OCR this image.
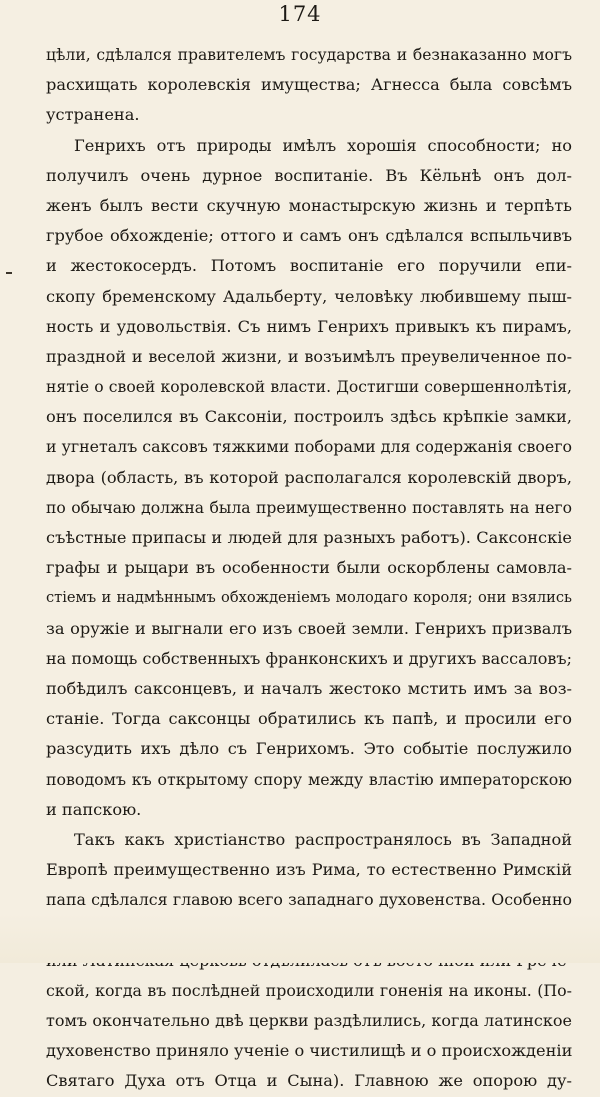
174
цѣли, сдѣлался правителемъ государства и безнаказанно могъ
расхищать королевскія имущества; Агнесса была совсѣмъ
устранена.
Генрихъ отъ природы имѣлъ хорошія способности; но
получилъ очень дурное воспитаніе. Въ Кёльнѣ онъ дол-
женъ былъ вести скучную монастырскую жизнь и терпѣть
грубое обхожденіе; оттого и самъ онъ сдѣлался вспыльчивъ
и жестокосердъ. Потомъ воспитаніе его поручили епи-
скопу бременскому Адальберту, человѣку любившему пыш-
ность и удовольствія. Съ нимъ Генрихъ привыкъ къ пирамъ,
праздной и веселой жизни, и возъимѣлъ преувеличенное по-
нятіе о своей королевской власти. Достигши совершеннолѣтія,
онъ поселился въ Саксоніи, построилъ здѣсь крѣпкіе замки,
и угнеталъ саксовъ тяжкими поборами для содержанія своего
двора (область, въ которой располагался королевскій дворъ,
по обычаю должна была преимущественно поставлять на него
съѣстные припасы и людей для разныхъ работъ). Саксонскіе
графы и рыцари въ особенности были оскорблены самовла-
стіемъ и надмѣннымъ обхожденіемъ молодаго короля; они взялись
за оружіе и выгнали его изъ своей земли. Генрихъ призвалъ
на помощь собственныхъ франконскихъ и другихъ вассаловъ;
побѣдилъ саксонцевъ, и началъ жестоко мстить имъ за воз-
станіе. Тогда саксонцы обратились къ папѣ, и просили его
разсудить ихъ дѣло съ Генрихомъ. Это событіе послужило
поводомъ къ открытому спору между властію императорскою
и папскою.
Такъ какъ христіанство распространялось въ Западной
Европѣ преимущественно изъ Рима, то естественно Римскій
папа сдѣлался главою всего западнаго духовенства. Особенно
ской, когда въ послѣдней происходили гоненія на иконы. (По-
томъ окончательно двѣ церкви раздѣлились, когда латинское
духовенство приняло ученіе о чистилищѣ и о происхожденіи
Святаго Духа отъ Отца и Сына). Главною же опорою ду-
